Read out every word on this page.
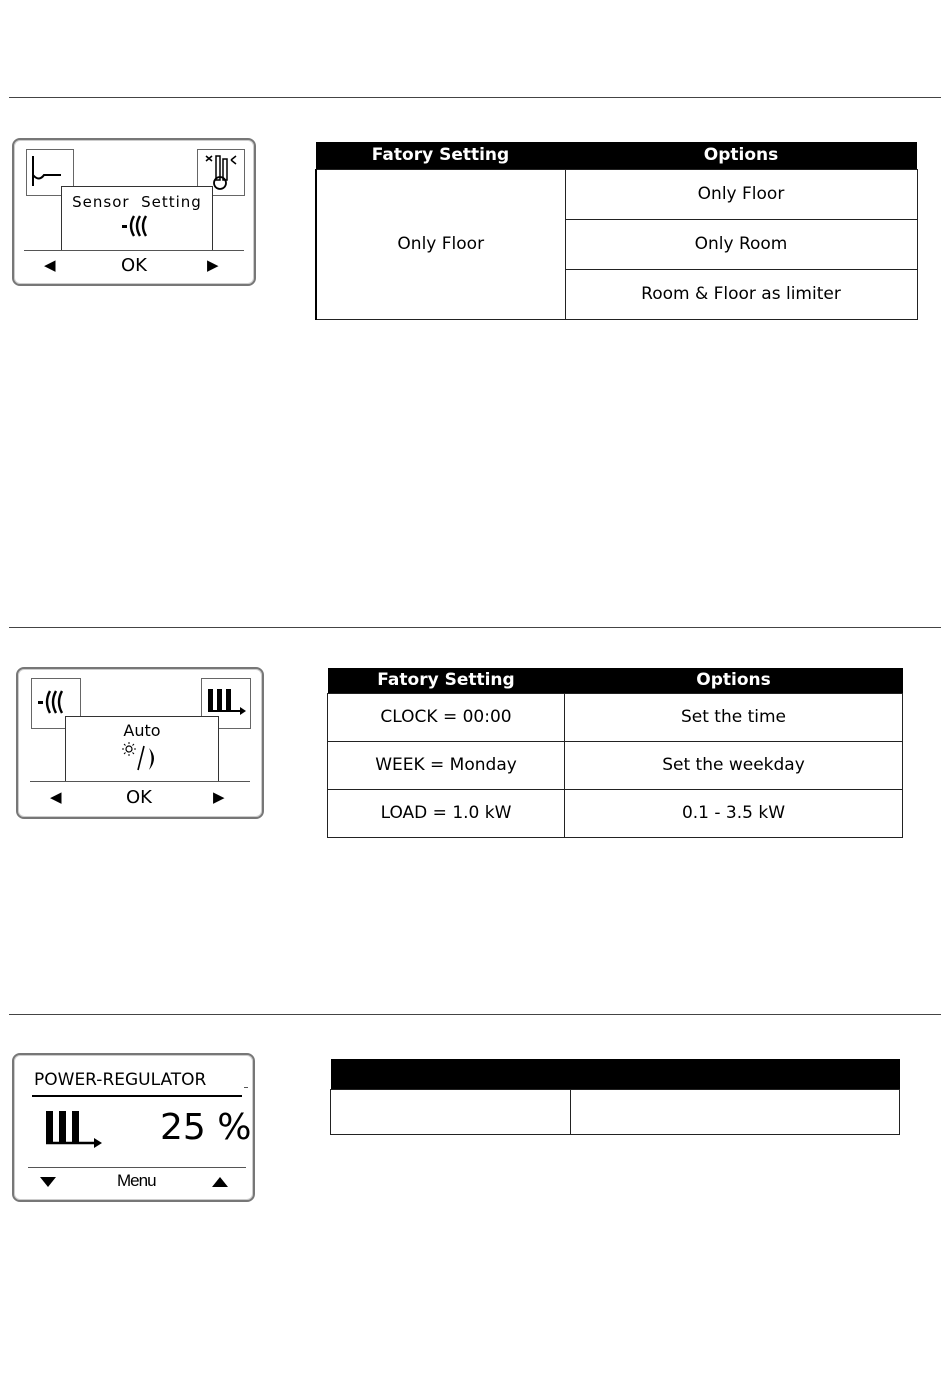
Sensor  Setting
◀	OK	▶
Fatory Setting	Options
Only Floor	Only Floor
	Only Room
	Room & Floor as limiter
Auto
◀	OK	▶
Fatory Setting	Options
CLOCK = 00:00	Set the time
WEEK = Monday	Set the weekday
LOAD = 1.0 kW	0.1 - 3.5 kW
POWER-REGULATOR
25 %
Menu
